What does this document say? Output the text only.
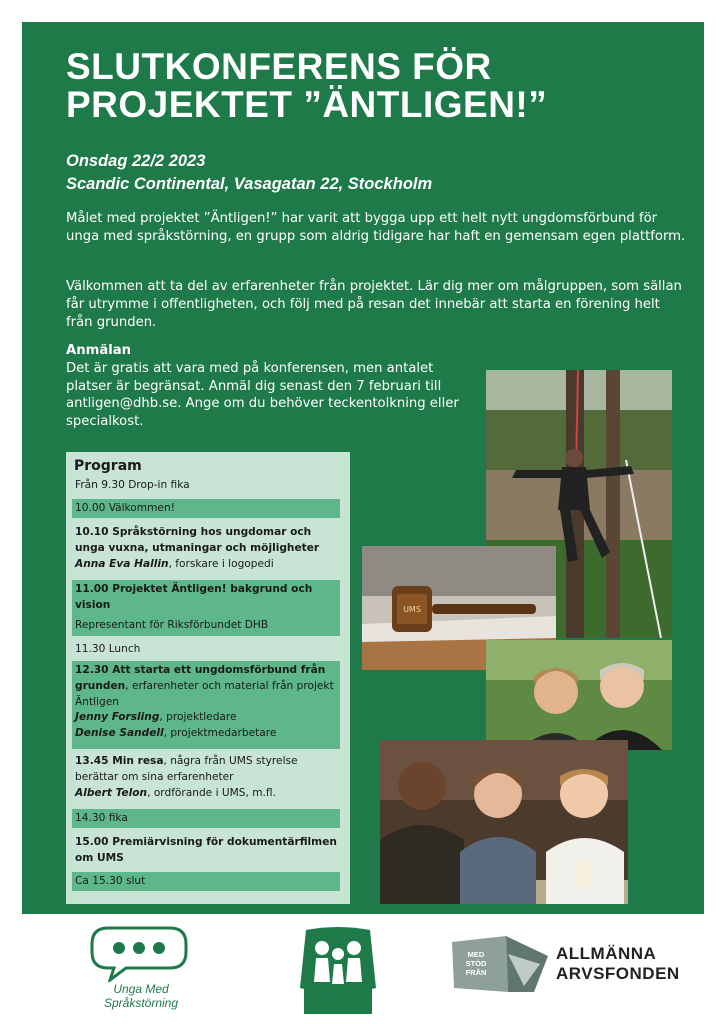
SLUTKONFERENS FÖR
PROJEKTET ”ÄNTLIGEN!”
Onsdag 22/2 2023
Scandic Continental, Vasagatan 22, Stockholm
Målet med projektet ”Äntligen!” har varit att bygga upp ett helt nytt ungdomsförbund för unga med språkstörning, en grupp som aldrig tidigare har haft en gemensam egen plattform.
Välkommen att ta del av erfarenheter från projektet. Lär dig mer om målgruppen, som sällan får utrymme i offentligheten, och följ med på resan det innebär att starta en förening helt från grunden.
Anmälan
Det är gratis att vara med på konferensen, men antalet platser är begränsat. Anmäl dig senast den 7 februari till antligen@dhb.se. Ange om du behöver teckentolkning eller specialkost.
Program
Från 9.30 Drop-in fika
10.00 Välkommen!
10.10 Språkstörning hos ungdomar och unga vuxna, utmaningar och möjligheter
Anna Eva Hallin, forskare i logopedi
11.00 Projektet Äntligen! bakgrund och vision

Representant för Riksförbundet DHB
11.30 Lunch
12.30 Att starta ett ungdomsförbund från grunden, erfarenheter och material från projekt Äntligen
Jenny Forsling, projektledare
Denise Sandell, projektmedarbetare
13.45 Min resa, några från UMS styrelse berättar om sina erfarenheter
Albert Telon, ordförande i UMS, m.fl.
14.30 fika
15.00 Premiärvisning för dokumentärfilmen om UMS
Ca 15.30 slut
UMS
Unga Med
Språkstörning	DHB
MED STÖD FRÅN
ALLMÄNNA
ARVSFONDEN
